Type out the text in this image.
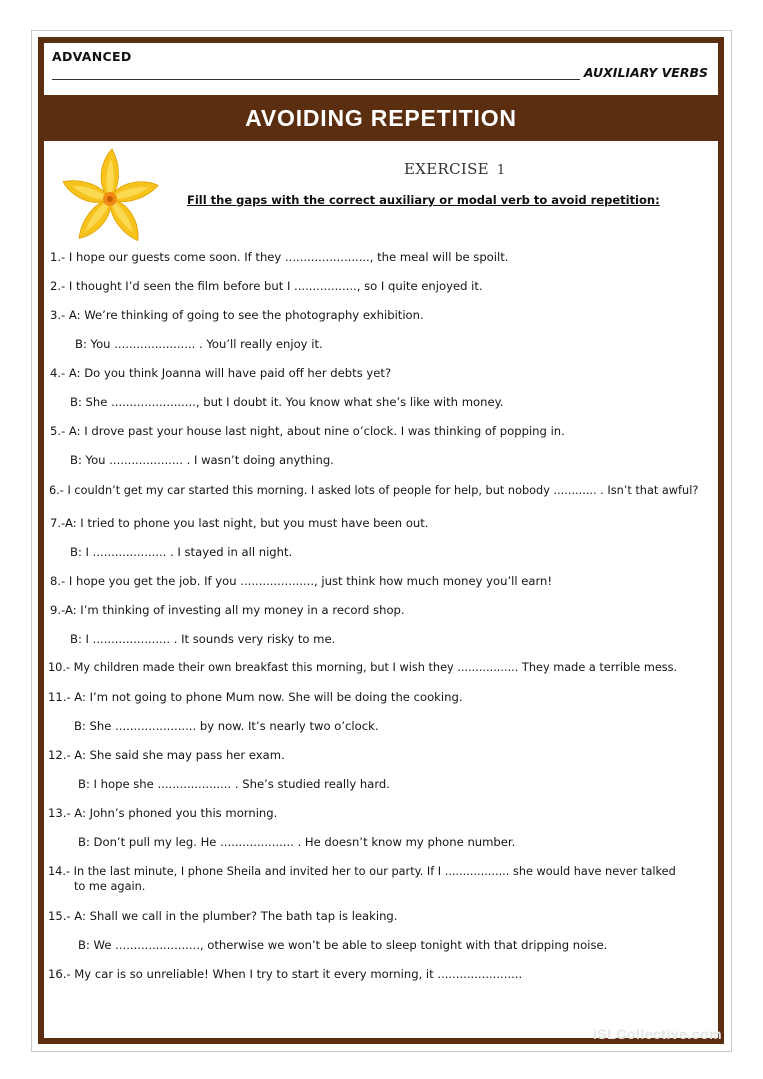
ADVANCED
AUXILIARY VERBS
AVOIDING REPETITION
EXERCISE 1
Fill the gaps with the correct auxiliary or modal verb to avoid repetition:
1.- I hope our guests come soon. If they ......................., the meal will be spoilt.
2.- I thought I’d seen the film before but I ................., so I quite enjoyed it.
3.- A: We’re thinking of going to see the photography exhibition.
B: You ...................... . You’ll really enjoy it.
4.- A: Do you think Joanna will have paid off her debts yet?
B: She ......................., but I doubt it. You know what she’s like with money.
5.- A: I drove past your house last night, about nine o’clock. I was thinking of popping in.
B: You .................... . I wasn’t doing anything.
6.- I couldn’t get my car started this morning. I asked lots of people for help, but nobody ............ . Isn’t that awful?
7.-A: I tried to phone you last night, but you must have been out.
B: I .................... . I stayed in all night.
8.- I hope you get the job. If you ...................., just think how much money you’ll earn!
9.-A: I’m thinking of investing all my money in a record shop.
B: I ..................... . It sounds very risky to me.
10.- My children made their own breakfast this morning, but I wish they ................. They made a terrible mess.
11.- A: I’m not going to phone Mum now. She will be doing the cooking.
B: She ...................... by now. It’s nearly two o’clock.
12.- A: She said she may pass her exam.
B: I hope she .................... . She’s studied really hard.
13.- A: John’s phoned you this morning.
B: Don’t pull my leg. He .................... . He doesn’t know my phone number.
14.- In the last minute, I phone Sheila and invited her to our party. If I .................. she would have never talked
to me again.
15.- A: Shall we call in the plumber? The bath tap is leaking.
B: We ......................., otherwise we won’t be able to sleep tonight with that dripping noise.
16.- My car is so unreliable! When I try to start it every morning, it .......................
iSLCollective.com
